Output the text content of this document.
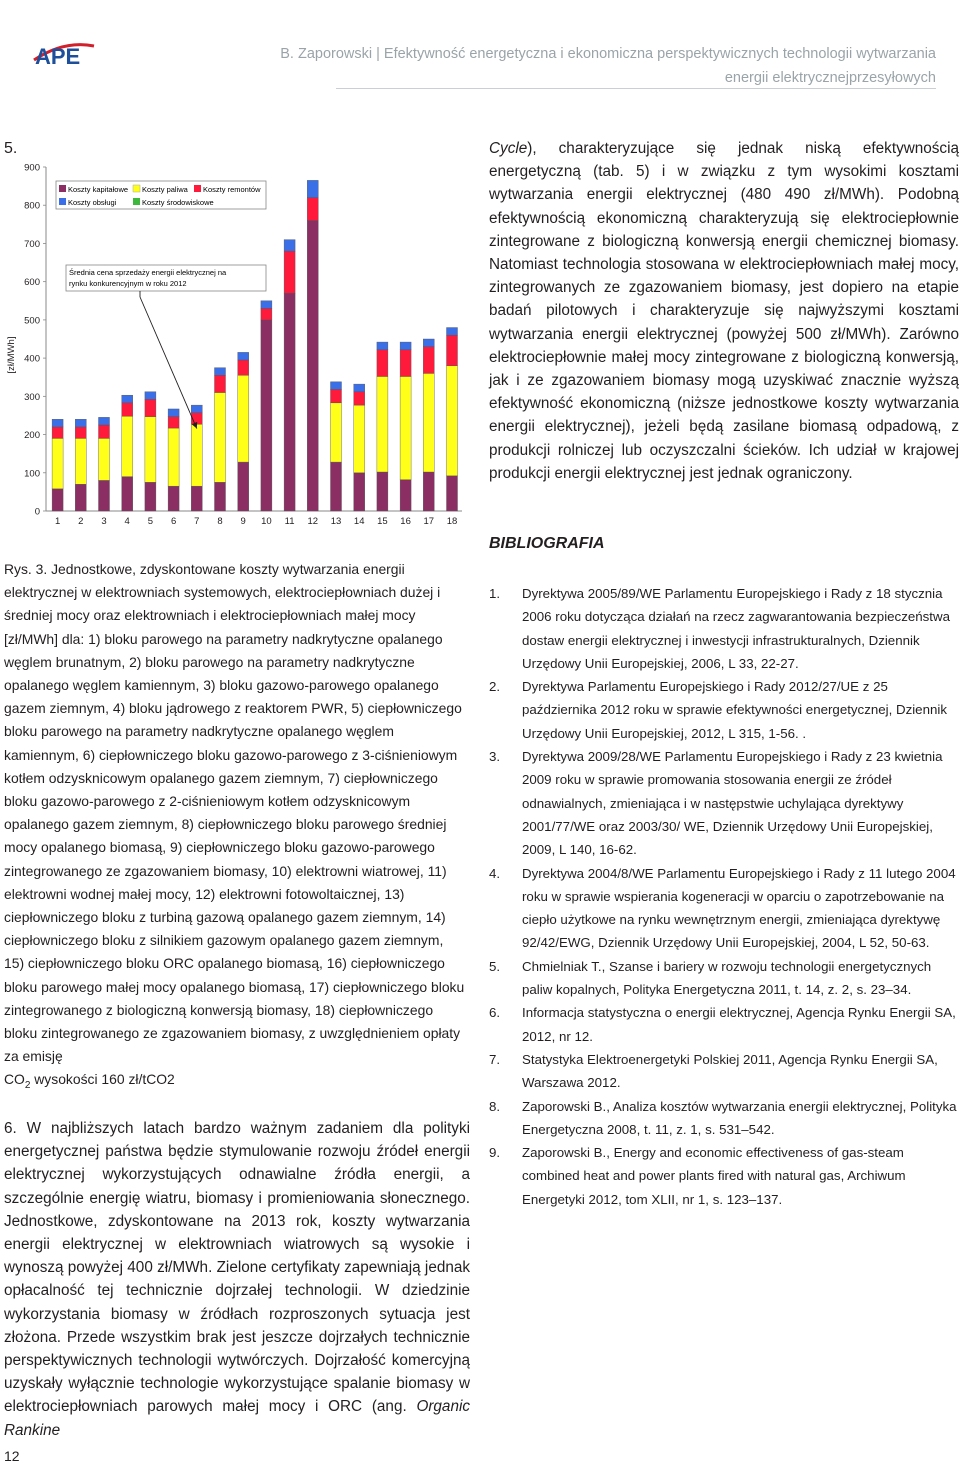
APE	B. Zaporowski | Efektywność energetyczna i ekonomiczna perspektywicznych technologii wytwarzania
energii elektrycznejprzesyłowych
5.
[zł/MWh]
0
100
200
300
400
500
600
700
800
900
1 2 3 4 5 6 7 8 9 10 11 12 13 14 15 16 17 18
Koszty kapitałowe Koszty paliwa Koszty remontów
Koszty obsługi	Koszty środowiskowe
Średnia cena sprzedaży energii elektrycznej na
rynku konkurencyjnym w roku 2012
Rys. 3. Jednostkowe, zdyskontowane koszty wytwarzania energii elektrycznej w elektrowniach systemowych, elektrociepłowniach dużej i średniej mocy oraz elektrowniach i elektrociepłowniach małej mocy [zł/MWh] dla: 1) bloku parowego na parametry nadkrytyczne opalanego węglem brunatnym, 2) bloku parowego na parametry nadkrytyczne opalanego węglem kamiennym, 3) bloku gazowo-parowego opalanego gazem ziemnym, 4) bloku jądrowego z reaktorem PWR, 5) ciepłowniczego bloku parowego na parametry nadkrytyczne opalanego węglem kamiennym, 6) ciepłowniczego bloku gazowo-parowego z 3-ciśnieniowym kotłem odzysknicowym opalanego gazem ziemnym, 7) ciepłowniczego bloku gazowo-parowego z 2-ciśnieniowym kotłem odzysknicowym opalanego gazem ziemnym, 8) ciepłowniczego bloku parowego średniej mocy opalanego biomasą, 9) ciepłowniczego bloku gazowo-parowego zintegrowanego ze zgazowaniem biomasy, 10) elektrowni wiatrowej, 11) elektrowni wodnej małej mocy, 12) elektrowni fotowoltaicznej, 13) ciepłowniczego bloku z turbiną gazową opalanego gazem ziemnym, 14) ciepłowniczego bloku z silnikiem gazowym opalanego gazem ziemnym, 15) ciepłowniczego bloku ORC opalanego biomasą, 16) ciepłowniczego bloku parowego małej mocy opalanego biomasą, 17) ciepłowniczego bloku zintegrowanego z biologiczną konwersją biomasy, 18) ciepłowniczego bloku zintegrowanego ze zgazowaniem biomasy, z uwzględnieniem opłaty za emisję
$CO_2$ wysokości 160 zł/tCO2
6. W najbliższych latach bardzo ważnym zadaniem dla polityki energetycznej państwa będzie stymulowanie rozwoju źródeł energii elektrycznej wykorzystujących odnawialne źródła energii, a szczególnie energię wiatru, biomasy i promieniowania słonecznego. Jednostkowe, zdyskontowane na 2013 rok, koszty wytwarzania energii elektrycznej w elektrowniach wiatrowych są wysokie i wynoszą powyżej 400 zł/MWh. Zielone certyfikaty zapewniają jednak opłacalność tej technicznie dojrzałej technologii. W dziedzinie wykorzystania biomasy w źródłach rozproszonych sytuacja jest złożona. Przede wszystkim brak jest jeszcze dojrzałych technicznie perspektywicznych technologii wytwórczych. Dojrzałość komercyjną uzyskały wyłącznie technologie wykorzystujące spalanie biomasy w elektrociepłowniach parowych małej mocy i ORC (ang. Organic Rankine
Cycle), charakteryzujące się jednak niską efektywnością energetyczną (tab. 5) i w związku z tym wysokimi kosztami wytwarzania energii elektrycznej (480 490 zł/MWh). Podobną efektywnością ekonomiczną charakteryzują się elektrociepłownie zintegrowane z biologiczną konwersją energii chemicznej biomasy. Natomiast technologia stosowana w elektrociepłowniach małej mocy, zintegrowanych ze zgazowaniem biomasy, jest dopiero na etapie badań pilotowych i charakteryzuje się najwyższymi kosztami wytwarzania energii elektrycznej (powyżej 500 zł/MWh). Zarówno elektrociepłownie małej mocy zintegrowane z biologiczną konwersją, jak i ze zgazowaniem biomasy mogą uzyskiwać znacznie wyższą efektywność ekonomiczną (niższe jednostkowe koszty wytwarzania energii elektrycznej), jeżeli będą zasilane biomasą odpadową, z produkcji rolniczej lub oczyszczalni ścieków. Ich udział w krajowej produkcji energii elektrycznej jest jednak ograniczony.
BIBLIOGRAFIA
1. Dyrektywa 2005/89/WE Parlamentu Europejskiego i Rady z 18 stycznia 2006 roku dotycząca działań na rzecz zagwarantowania bezpieczeństwa dostaw energii elektrycznej i inwestycji infrastrukturalnych, Dziennik Urzędowy Unii Europejskiej, 2006, L 33, 22-27.
2. Dyrektywa Parlamentu Europejskiego i Rady 2012/27/UE z 25 października 2012 roku w sprawie efektywności energetycznej, Dziennik Urzędowy Unii Europejskiej, 2012, L 315, 1-56. .
3. Dyrektywa 2009/28/WE Parlamentu Europejskiego i Rady z 23 kwietnia 2009 roku w sprawie promowania stosowania energii ze źródeł odnawialnych, zmieniająca i w następstwie uchylająca dyrektywy 2001/77/WE oraz 2003/30/ WE, Dziennik Urzędowy Unii Europejskiej, 2009, L 140, 16-62.
4. Dyrektywa 2004/8/WE Parlamentu Europejskiego i Rady z 11 lutego 2004 roku w sprawie wspierania kogeneracji w oparciu o zapotrzebowanie na ciepło użytkowe na rynku wewnętrznym energii, zmieniająca dyrektywę 92/42/EWG, Dziennik Urzędowy Unii Europejskiej, 2004, L 52, 50-63.
5. Chmielniak T., Szanse i bariery w rozwoju technologii energetycznych paliw kopalnych, Polityka Energetyczna 2011, t. 14, z. 2, s. 23–34.
6. Informacja statystyczna o energii elektrycznej, Agencja Rynku Energii SA, 2012, nr 12.
7. Statystyka Elektroenergetyki Polskiej 2011, Agencja Rynku Energii SA, Warszawa 2012.
8. Zaporowski B., Analiza kosztów wytwarzania energii elektrycznej, Polityka Energetyczna 2008, t. 11, z. 1, s. 531–542.
9. Zaporowski B., Energy and economic effectiveness of gas-steam combined heat and power plants fired with natural gas, Archiwum Energetyki 2012, tom XLII, nr 1, s. 123–137.
12
